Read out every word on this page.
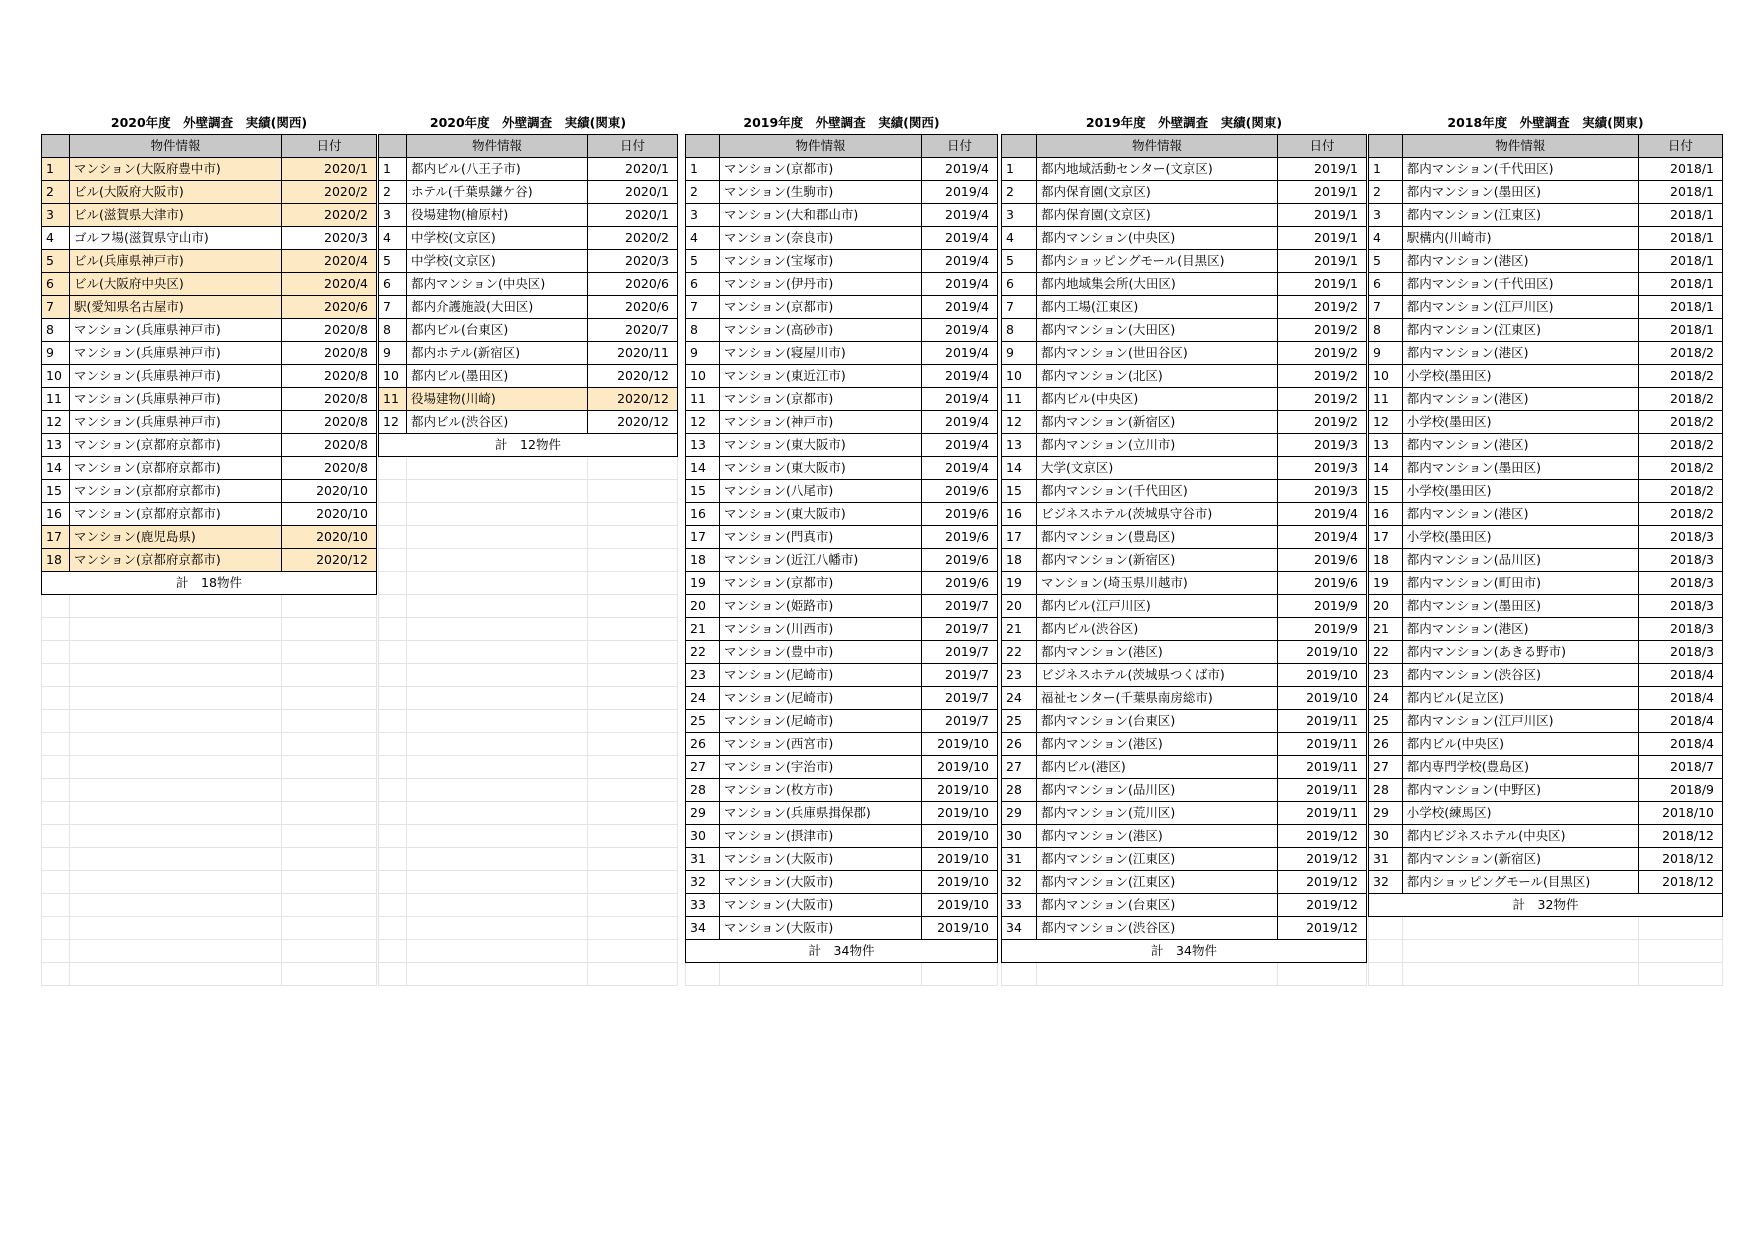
2020年度　外壁調査　実績(関西)		
	物件情報	日付
1	マンション(大阪府豊中市)	2020/1
2	ビル(大阪府大阪市)	2020/2
3	ビル(滋賀県大津市)	2020/2
4	ゴルフ場(滋賀県守山市)	2020/3
5	ビル(兵庫県神戸市)	2020/4
6	ビル(大阪府中央区)	2020/4
7	駅(愛知県名古屋市)	2020/6
8	マンション(兵庫県神戸市)	2020/8
9	マンション(兵庫県神戸市)	2020/8
10	マンション(兵庫県神戸市)	2020/8
11	マンション(兵庫県神戸市)	2020/8
12	マンション(兵庫県神戸市)	2020/8
13	マンション(京都府京都市)	2020/8
14	マンション(京都府京都市)	2020/8
15	マンション(京都府京都市)	2020/10
16	マンション(京都府京都市)	2020/10
17	マンション(鹿児島県)	2020/10
18	マンション(京都府京都市)	2020/12
計　18物件		

2020年度　外壁調査　実績(関東)		
	物件情報	日付
1	都内ビル(八王子市)	2020/1
2	ホテル(千葉県鎌ケ谷)	2020/1
3	役場建物(檜原村)	2020/1
4	中学校(文京区)	2020/2
5	中学校(文京区)	2020/3
6	都内マンション(中央区)	2020/6
7	都内介護施設(大田区)	2020/6
8	都内ビル(台東区)	2020/7
9	都内ホテル(新宿区)	2020/11
10	都内ビル(墨田区)	2020/12
11	役場建物(川崎)	2020/12
12	都内ビル(渋谷区)	2020/12
計　12物件		

2019年度　外壁調査　実績(関西)		
	物件情報	日付
1	マンション(京都市)	2019/4
2	マンション(生駒市)	2019/4
3	マンション(大和郡山市)	2019/4
4	マンション(奈良市)	2019/4
5	マンション(宝塚市)	2019/4
6	マンション(伊丹市)	2019/4
7	マンション(京都市)	2019/4
8	マンション(高砂市)	2019/4
9	マンション(寝屋川市)	2019/4
10	マンション(東近江市)	2019/4
11	マンション(京都市)	2019/4
12	マンション(神戸市)	2019/4
13	マンション(東大阪市)	2019/4
14	マンション(東大阪市)	2019/4
15	マンション(八尾市)	2019/6
16	マンション(東大阪市)	2019/6
17	マンション(門真市)	2019/6
18	マンション(近江八幡市)	2019/6
19	マンション(京都市)	2019/6
20	マンション(姫路市)	2019/7
21	マンション(川西市)	2019/7
22	マンション(豊中市)	2019/7
23	マンション(尼崎市)	2019/7
24	マンション(尼崎市)	2019/7
25	マンション(尼崎市)	2019/7
26	マンション(西宮市)	2019/10
27	マンション(宇治市)	2019/10
28	マンション(枚方市)	2019/10
29	マンション(兵庫県揖保郡)	2019/10
30	マンション(摂津市)	2019/10
31	マンション(大阪市)	2019/10
32	マンション(大阪市)	2019/10
33	マンション(大阪市)	2019/10
34	マンション(大阪市)	2019/10
計　34物件		

2019年度　外壁調査　実績(関東)		
	物件情報	日付
1	都内地域活動センター(文京区)	2019/1
2	都内保育園(文京区)	2019/1
3	都内保育園(文京区)	2019/1
4	都内マンション(中央区)	2019/1
5	都内ショッピングモール(目黒区)	2019/1
6	都内地域集会所(大田区)	2019/1
7	都内工場(江東区)	2019/2
8	都内マンション(大田区)	2019/2
9	都内マンション(世田谷区)	2019/2
10	都内マンション(北区)	2019/2
11	都内ビル(中央区)	2019/2
12	都内マンション(新宿区)	2019/2
13	都内マンション(立川市)	2019/3
14	大学(文京区)	2019/3
15	都内マンション(千代田区)	2019/3
16	ビジネスホテル(茨城県守谷市)	2019/4
17	都内マンション(豊島区)	2019/4
18	都内マンション(新宿区)	2019/6
19	マンション(埼玉県川越市)	2019/6
20	都内ビル(江戸川区)	2019/9
21	都内ビル(渋谷区)	2019/9
22	都内マンション(港区)	2019/10
23	ビジネスホテル(茨城県つくば市)	2019/10
24	福祉センター(千葉県南房総市)	2019/10
25	都内マンション(台東区)	2019/11
26	都内マンション(港区)	2019/11
27	都内ビル(港区)	2019/11
28	都内マンション(品川区)	2019/11
29	都内マンション(荒川区)	2019/11
30	都内マンション(港区)	2019/12
31	都内マンション(江東区)	2019/12
32	都内マンション(江東区)	2019/12
33	都内マンション(台東区)	2019/12
34	都内マンション(渋谷区)	2019/12
計　34物件		

2018年度　外壁調査　実績(関東)		
	物件情報	日付
1	都内マンション(千代田区)	2018/1
2	都内マンション(墨田区)	2018/1
3	都内マンション(江東区)	2018/1
4	駅構内(川崎市)	2018/1
5	都内マンション(港区)	2018/1
6	都内マンション(千代田区)	2018/1
7	都内マンション(江戸川区)	2018/1
8	都内マンション(江東区)	2018/1
9	都内マンション(港区)	2018/2
10	小学校(墨田区)	2018/2
11	都内マンション(港区)	2018/2
12	小学校(墨田区)	2018/2
13	都内マンション(港区)	2018/2
14	都内マンション(墨田区)	2018/2
15	小学校(墨田区)	2018/2
16	都内マンション(港区)	2018/2
17	小学校(墨田区)	2018/3
18	都内マンション(品川区)	2018/3
19	都内マンション(町田市)	2018/3
20	都内マンション(墨田区)	2018/3
21	都内マンション(港区)	2018/3
22	都内マンション(あきる野市)	2018/3
23	都内マンション(渋谷区)	2018/4
24	都内ビル(足立区)	2018/4
25	都内マンション(江戸川区)	2018/4
26	都内ビル(中央区)	2018/4
27	都内専門学校(豊島区)	2018/7
28	都内マンション(中野区)	2018/9
29	小学校(練馬区)	2018/10
30	都内ビジネスホテル(中央区)	2018/12
31	都内マンション(新宿区)	2018/12
32	都内ショッピングモール(目黒区)	2018/12
計　32物件		
